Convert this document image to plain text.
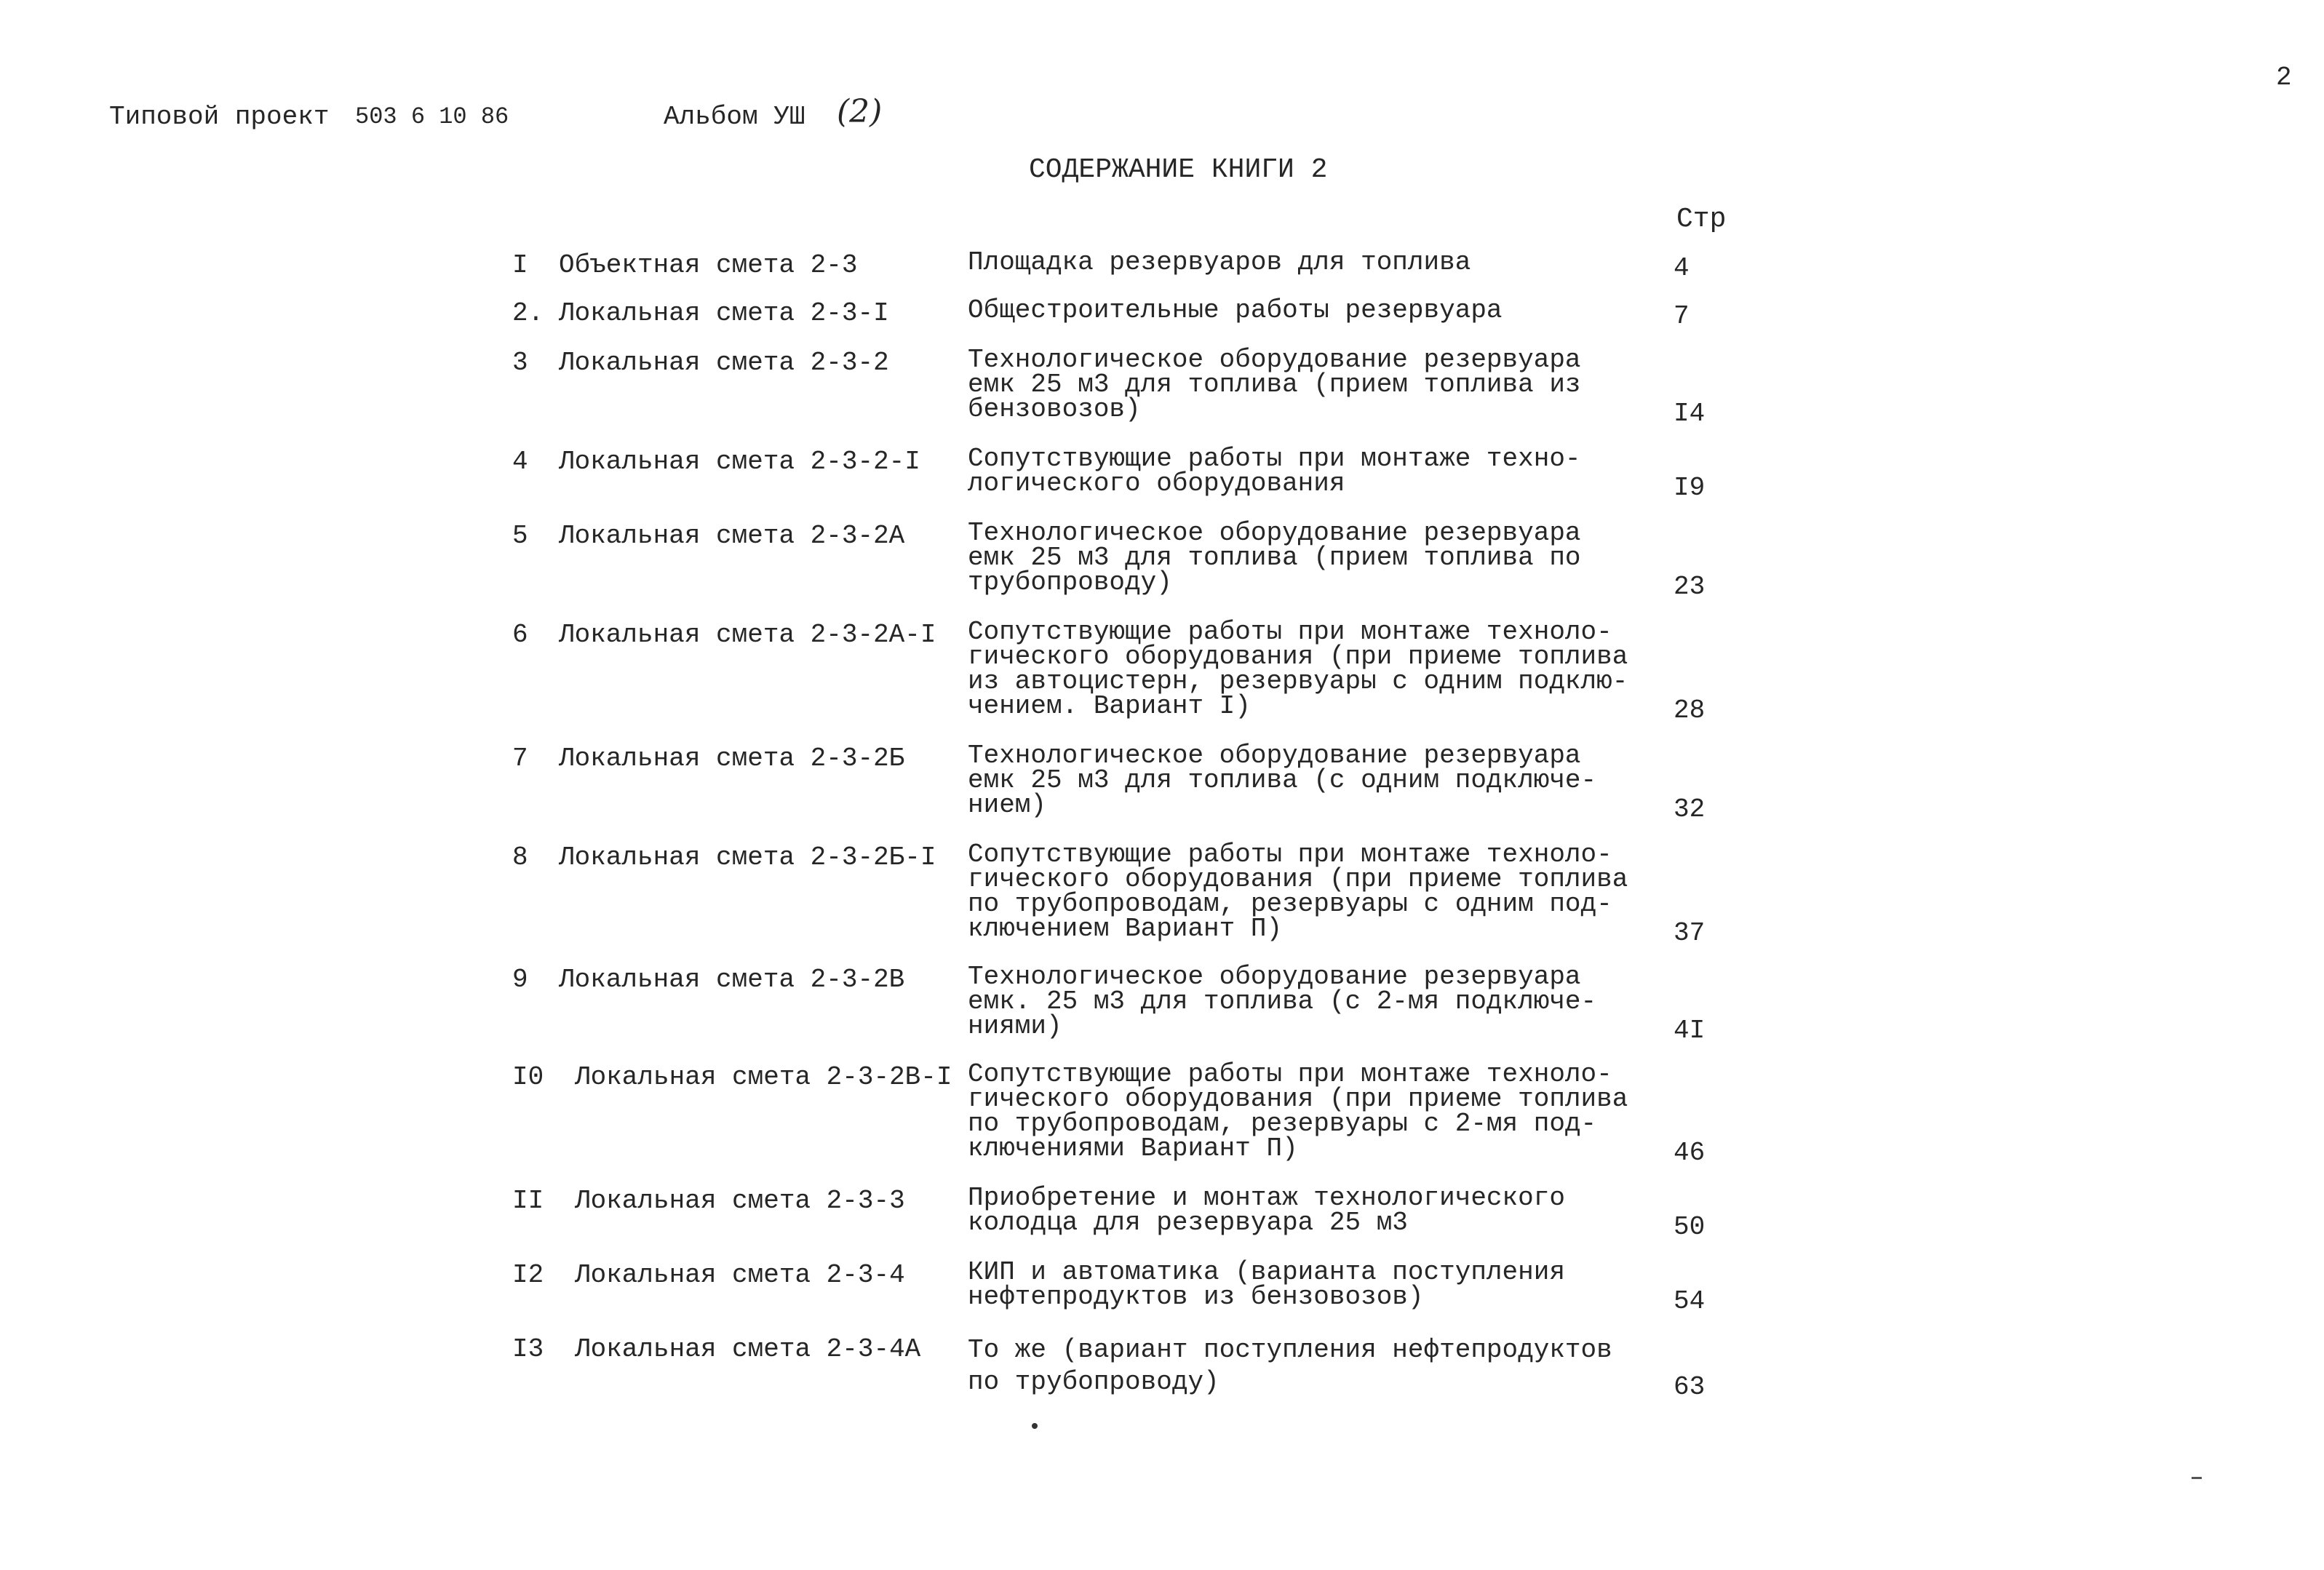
2
Типовой проект 503 6 10 86	Альбом УШ (2)
СОДЕРЖАНИЕ КНИГИ 2
Стр
I Объектная смета 2-3	Площадка резервуаров для топлива	4
2. Локальная смета 2-3-I	Общестроительные работы резервуара	7
3 Локальная смета 2-3-2	Технологическое оборудование резервуара
емк 25 м3 для топлива (прием топлива из
бензовозов)	I4
4 Локальная смета 2-3-2-I Сопутствующие работы при монтаже техно-
логического оборудования	I9
5 Локальная смета 2-3-2А Технологическое оборудование резервуара
емк 25 м3 для топлива (прием топлива по
трубопроводу)	23
6 Локальная смета 2-3-2А-I Сопутствующие работы при монтаже техноло-
гического оборудования (при приеме топлива
из автоцистерн, резервуары с одним подклю-
чением. Вариант I)	28
7 Локальная смета 2-3-2Б Технологическое оборудование резервуара
емк 25 м3 для топлива (с одним подключе-
нием)	32
8 Локальная смета 2-3-2Б-I Сопутствующие работы при монтаже техноло-
гического оборудования (при приеме топлива
по трубопроводам, резервуары с одним под-
ключением Вариант П)	37
9 Локальная смета 2-3-2В Технологическое оборудование резервуара
емк. 25 м3 для топлива (с 2-мя подключе-
ниями)	4I
I0 Локальная смета 2-3-2В-I Сопутствующие работы при монтаже техноло-
гического оборудования (при приеме топлива
по трубопроводам, резервуары с 2-мя под-
ключениями Вариант П)	46
II Локальная смета 2-3-3 Приобретение и монтаж технологического
колодца для резервуара 25 м3	50
I2 Локальная смета 2-3-4 КИП и автоматика (варианта поступления
нефтепродуктов из бензовозов)	54
I3 Локальная смета 2-3-4А То же (вариант поступления нефтепродуктов
по трубопроводу)	63
